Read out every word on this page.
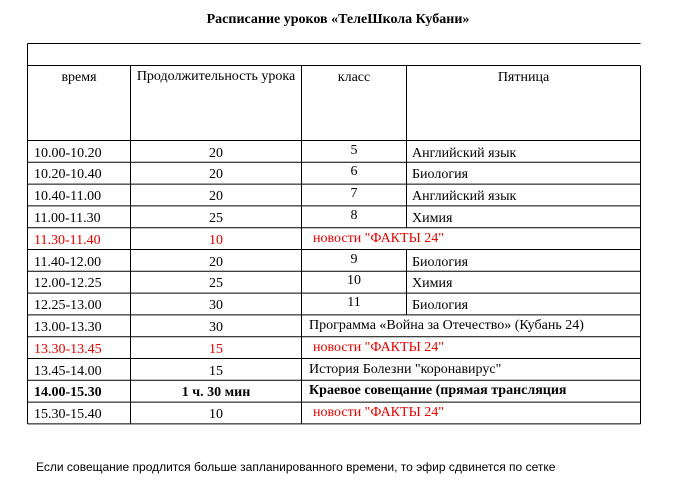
Расписание уроков «ТелеШкола Кубани»
время	Продолжительность урока	класс	Пятница
10.00-10.20	20	5	Английский язык
10.20-10.40	20	6	Биология
10.40-11.00	20	7	Английский язык
11.00-11.30	25	8	Химия
11.30-11.40	10	новости "ФАКТЫ 24"
11.40-12.00	20	9	Биология
12.00-12.25	25	10	Химия
12.25-13.00	30	11	Биология
13.00-13.30	30	Программа «Война за Отечество» (Кубань 24)
13.30-13.45	15	новости "ФАКТЫ 24"
13.45-14.00	15	История Болезни "коронавирус"
14.00-15.30	1 ч. 30 мин	Краевое совещание (прямая трансляция
15.30-15.40	10	новости "ФАКТЫ 24"
Если совещание продлится больше запланированного времени, то эфир сдвинется по сетке
